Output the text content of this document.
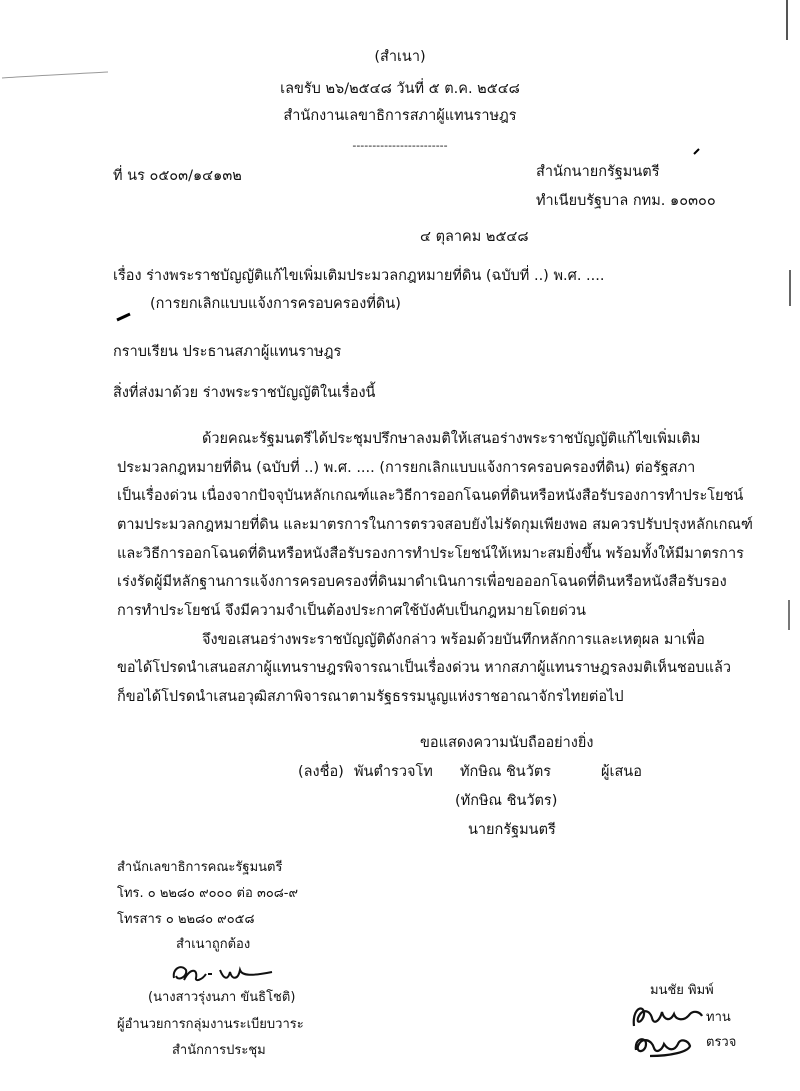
(สำเนา)
เลขรับ ๒๖/๒๕๔๘ วันที่ ๕ ต.ค. ๒๕๔๘
สำนักงานเลขาธิการสภาผู้แทนราษฎร
------------------------
ที่ นร ๐๕๐๓/๑๔๑๓๒	สำนักนายกรัฐมนตรี
ทำเนียบรัฐบาล กทม. ๑๐๓๐๐
๔ ตุลาคม ๒๕๔๘
เรื่อง ร่างพระราชบัญญัติแก้ไขเพิ่มเติมประมวลกฎหมายที่ดิน (ฉบับที่ ..) พ.ศ. ....
(การยกเลิกแบบแจ้งการครอบครองที่ดิน)
กราบเรียน ประธานสภาผู้แทนราษฎร
สิ่งที่ส่งมาด้วย ร่างพระราชบัญญัติในเรื่องนี้
ด้วยคณะรัฐมนตรีได้ประชุมปรึกษาลงมติให้เสนอร่างพระราชบัญญัติแก้ไขเพิ่มเติม
ประมวลกฎหมายที่ดิน (ฉบับที่ ..) พ.ศ. .... (การยกเลิกแบบแจ้งการครอบครองที่ดิน) ต่อรัฐสภา
เป็นเรื่องด่วน เนื่องจากปัจจุบันหลักเกณฑ์และวิธีการออกโฉนดที่ดินหรือหนังสือรับรองการทำประโยชน์
ตามประมวลกฎหมายที่ดิน และมาตรการในการตรวจสอบยังไม่รัดกุมเพียงพอ สมควรปรับปรุงหลักเกณฑ์
และวิธีการออกโฉนดที่ดินหรือหนังสือรับรองการทำประโยชน์ให้เหมาะสมยิ่งขึ้น พร้อมทั้งให้มีมาตรการ
เร่งรัดผู้มีหลักฐานการแจ้งการครอบครองที่ดินมาดำเนินการเพื่อขอออกโฉนดที่ดินหรือหนังสือรับรอง
การทำประโยชน์ จึงมีความจำเป็นต้องประกาศใช้บังคับเป็นกฎหมายโดยด่วน
จึงขอเสนอร่างพระราชบัญญัติดังกล่าว พร้อมด้วยบันทึกหลักการและเหตุผล มาเพื่อ
ขอได้โปรดนำเสนอสภาผู้แทนราษฎรพิจารณาเป็นเรื่องด่วน หากสภาผู้แทนราษฎรลงมติเห็นชอบแล้ว
ก็ขอได้โปรดนำเสนอวุฒิสภาพิจารณาตามรัฐธรรมนูญแห่งราชอาณาจักรไทยต่อไป
ขอแสดงความนับถืออย่างยิ่ง
(ลงชื่อ) พันตำรวจโท ทักษิณ ชินวัตร	ผู้เสนอ
(ทักษิณ ชินวัตร)
นายกรัฐมนตรี
สำนักเลขาธิการคณะรัฐมนตรี
โทร. ๐ ๒๒๘๐ ๙๐๐๐ ต่อ ๓๐๘-๙
โทรสาร ๐ ๒๒๘๐ ๙๐๕๘
สำเนาถูกต้อง
(นางสาวรุ่งนภา ขันธิโชติ)
ผู้อำนวยการกลุ่มงานระเบียบวาระ
สำนักการประชุม
มนชัย พิมพ์
ทาน
ตรวจ
